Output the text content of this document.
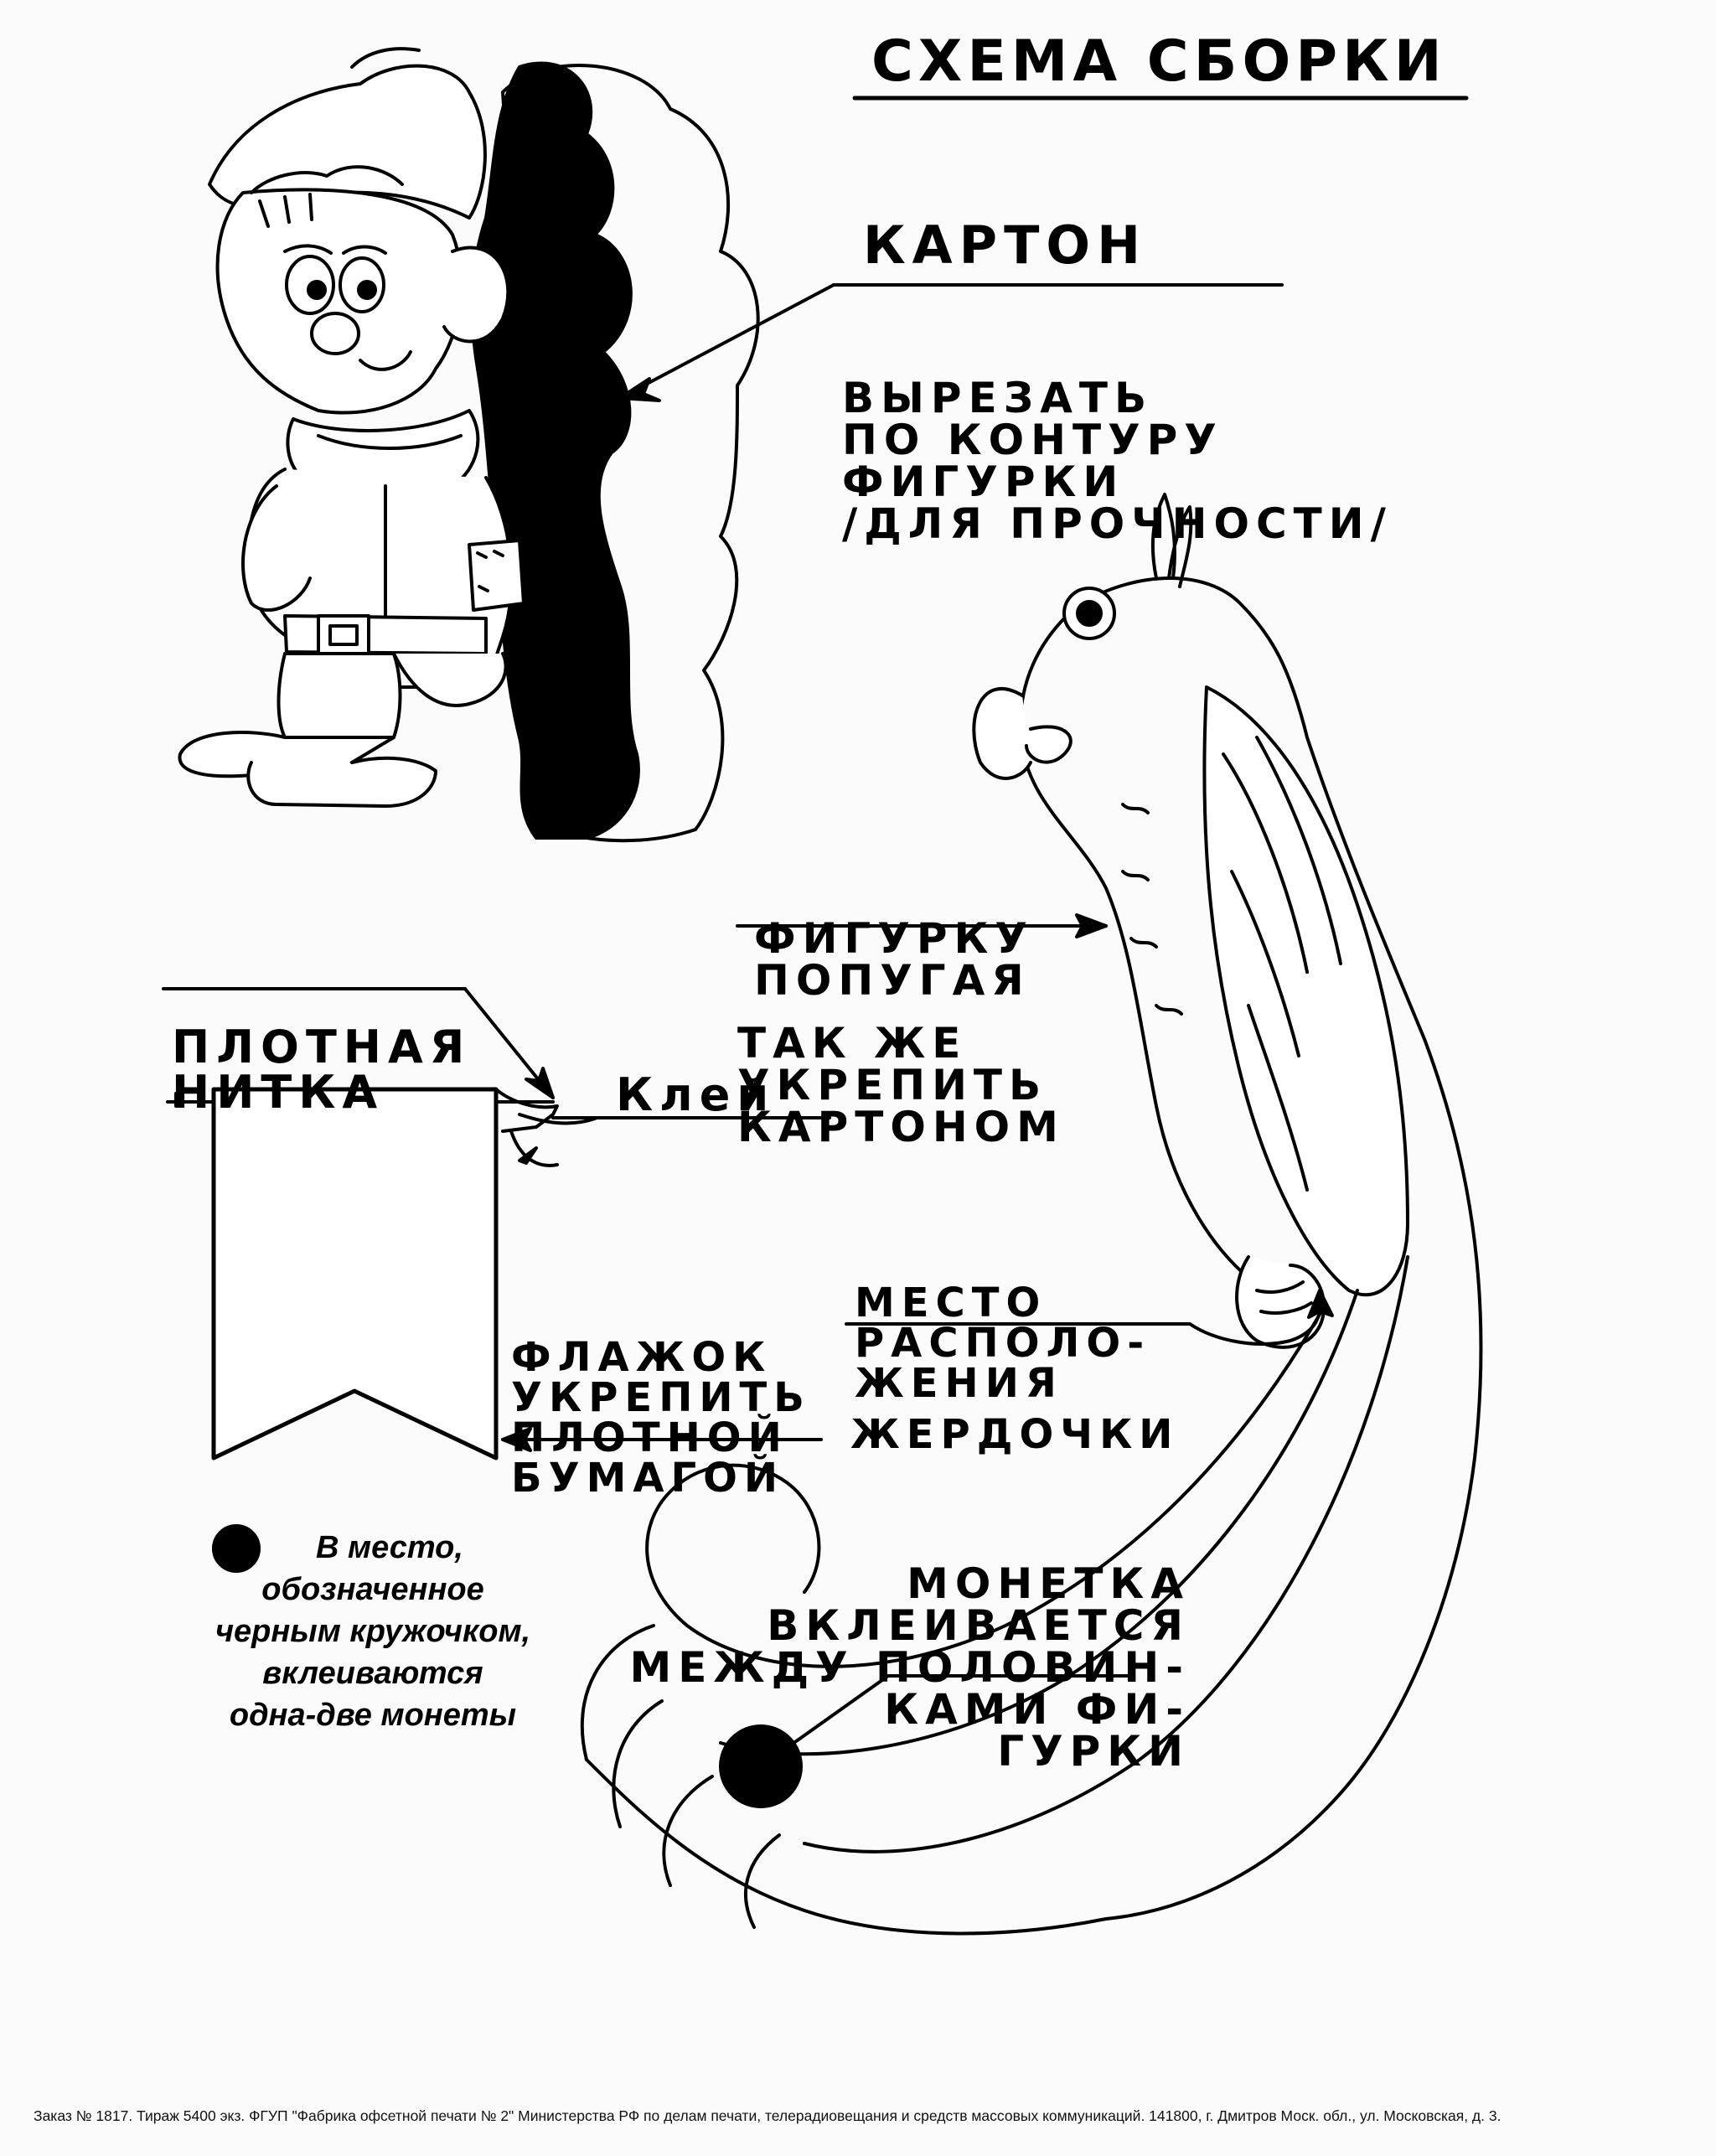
СХЕМА СБОРКИ
КАРТОН

ВЫРЕЗАТЬ
ПО КОНТУРУ
ФИГУРКИ
/ДЛЯ ПРОЧНОСТИ/

ФИГУРКУ
ПОПУГАЯ

ТАК ЖЕ
УКРЕПИТЬ
КАРТОНОМ

ПЛОТНАЯ
НИТКА

	Клей

ФЛАЖОК
УКРЕПИТЬ
ПЛОТНОЙ
БУМАГОЙ

МЕСТО
РАСПОЛО-
ЖЕНИЯ

ЖЕРДОЧКИ

МОНЕТКА
ВКЛЕИВАЕТСЯ
МЕЖДУ ПОЛОВИН-
КАМИ ФИ-
ГУРКИ

В место,
обозначенное
черным кружочком,
вклеиваются
одна-две монеты
Заказ № 1817. Тираж 5400 экз. ФГУП "Фабрика офсетной печати № 2" Министерства РФ по делам печати, телерадиовещания и средств массовых коммуникаций. 141800, г. Дмитров Моск. обл., ул. Московская, д. 3.
